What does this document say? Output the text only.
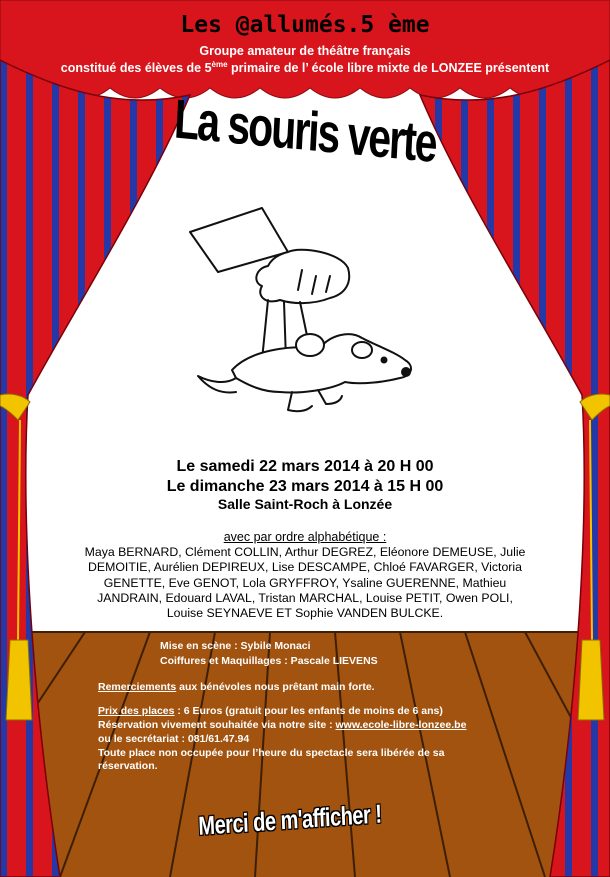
Les @allumés.5 ème
Groupe amateur de théâtre français
constitué des élèves de 5ème primaire de l’ école libre mixte de LONZEE présentent
La souris verte
Le samedi 22 mars 2014 à 20 H 00
Le dimanche 23 mars 2014 à 15 H 00
Salle Saint-Roch à Lonzée
avec par ordre alphabétique :
Maya BERNARD, Clément COLLIN, Arthur DEGREZ, Eléonore DEMEUSE, Julie
DEMOITIE, Aurélien DEPIREUX, Lise DESCAMPE, Chloé FAVARGER, Victoria
GENETTE, Eve GENOT, Lola GRYFFROY, Ysaline GUERENNE, Mathieu
JANDRAIN, Edouard LAVAL, Tristan MARCHAL, Louise PETIT, Owen POLI,
Louise SEYNAEVE ET Sophie VANDEN BULCKE.
Mise en scène : Sybile Monaci
Coiffures et Maquillages : Pascale LIEVENS
Remerciements aux bénévoles nous prêtant main forte.
Prix des places : 6 Euros (gratuit pour les enfants de moins de 6 ans)
Réservation vivement souhaitée via notre site : www.ecole-libre-lonzee.be
ou le secrétariat : 081/61.47.94
Toute place non occupée pour l’heure du spectacle sera libérée de sa
réservation.
Merci de m'afficher !
